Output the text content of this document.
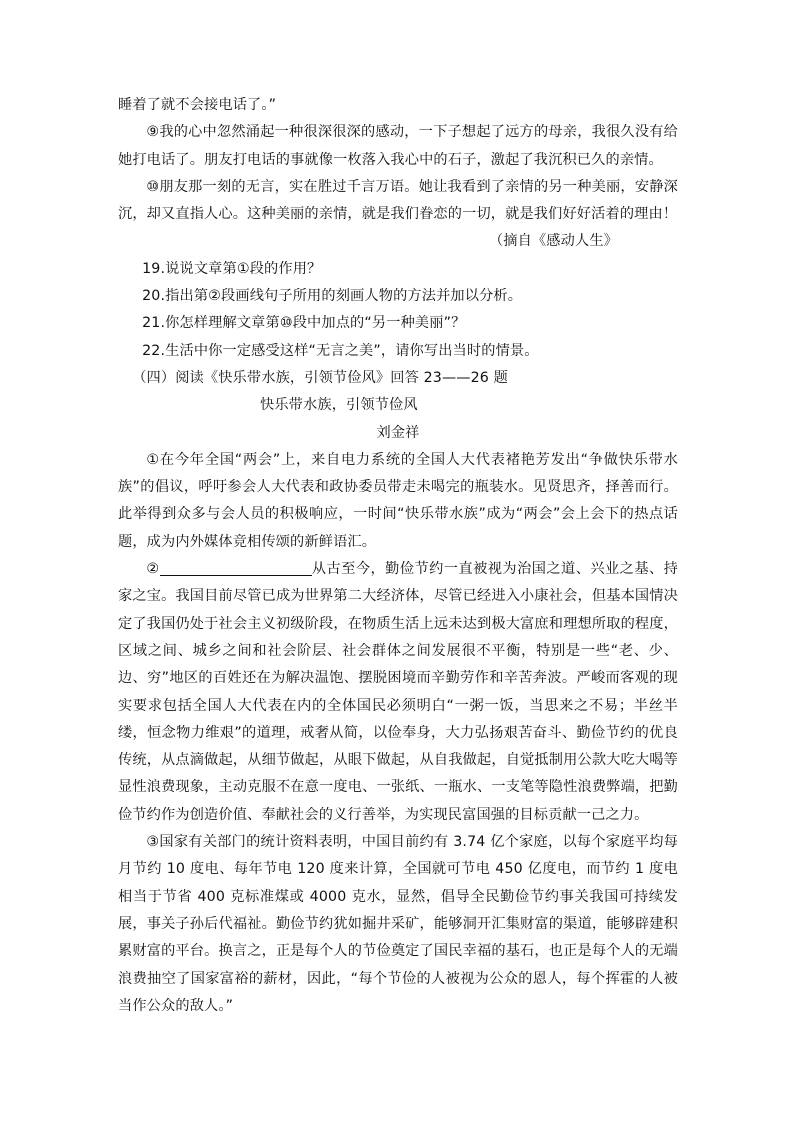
睡着了就不会接电话了。”

⑨我的心中忽然涌起一种很深很深的感动，一下子想起了远方的母亲，我很久没有给她打电话了。朋友打电话的事就像一枚落入我心中的石子，激起了我沉积已久的亲情。

⑩朋友那一刻的无言，实在胜过千言万语。她让我看到了亲情的另一种美丽，安静深沉，却又直指人心。这种美丽的亲情，就是我们眷恋的一切，就是我们好好活着的理由！

（摘自《感动人生》

19.说说文章第①段的作用？

20.指出第②段画线句子所用的刻画人物的方法并加以分析。

21.你怎样理解文章第⑩段中加点的“另一种美丽”？

22.生活中你一定感受这样“无言之美”，请你写出当时的情景。

（四）阅读《快乐带水族，引领节俭风》回答 23——26 题

快乐带水族，引领节俭风

刘金祥

①在今年全国“两会”上，来自电力系统的全国人大代表褚艳芳发出“争做快乐带水族”的倡议，呼吁参会人大代表和政协委员带走未喝完的瓶装水。见贤思齐，择善而行。此举得到众多与会人员的积极响应，一时间“快乐带水族”成为“两会”会上会下的热点话题，成为内外媒体竞相传颂的新鲜语汇。

②	从古至今，勤俭节约一直被视为治国之道、兴业之基、持家之宝。我国目前尽管已成为世界第二大经济体，尽管已经进入小康社会，但基本国情决定了我国仍处于社会主义初级阶段，在物质生活上远未达到极大富庶和理想所取的程度，区域之间、城乡之间和社会阶层、社会群体之间发展很不平衡，特别是一些“老、少、边、穷”地区的百姓还在为解决温饱、摆脱困境而辛勤劳作和辛苦奔波。严峻而客观的现实要求包括全国人大代表在内的全体国民必须明白“一粥一饭，当思来之不易；半丝半缕，恒念物力维艰”的道理，戒奢从简，以俭奉身，大力弘扬艰苦奋斗、勤俭节约的优良传统，从点滴做起，从细节做起，从眼下做起，从自我做起，自觉抵制用公款大吃大喝等显性浪费现象，主动克服不在意一度电、一张纸、一瓶水、一支笔等隐性浪费弊端，把勤俭节约作为创造价值、奉献社会的义行善举，为实现民富国强的目标贡献一己之力。

③国家有关部门的统计资料表明，中国目前约有 3.74 亿个家庭，以每个家庭平均每月节约 10 度电、每年节电 120 度来计算，全国就可节电 450 亿度电，而节约 1 度电相当于节省 400 克标准煤或 4000 克水，显然，倡导全民勤俭节约事关我国可持续发展，事关子孙后代福祉。勤俭节约犹如掘井采矿，能够洞开汇集财富的渠道，能够辟建积累财富的平台。换言之，正是每个人的节俭奠定了国民幸福的基石，也正是每个人的无端浪费抽空了国家富裕的薪材，因此，“每个节俭的人被视为公众的恩人，每个挥霍的人被当作公众的敌人。”
